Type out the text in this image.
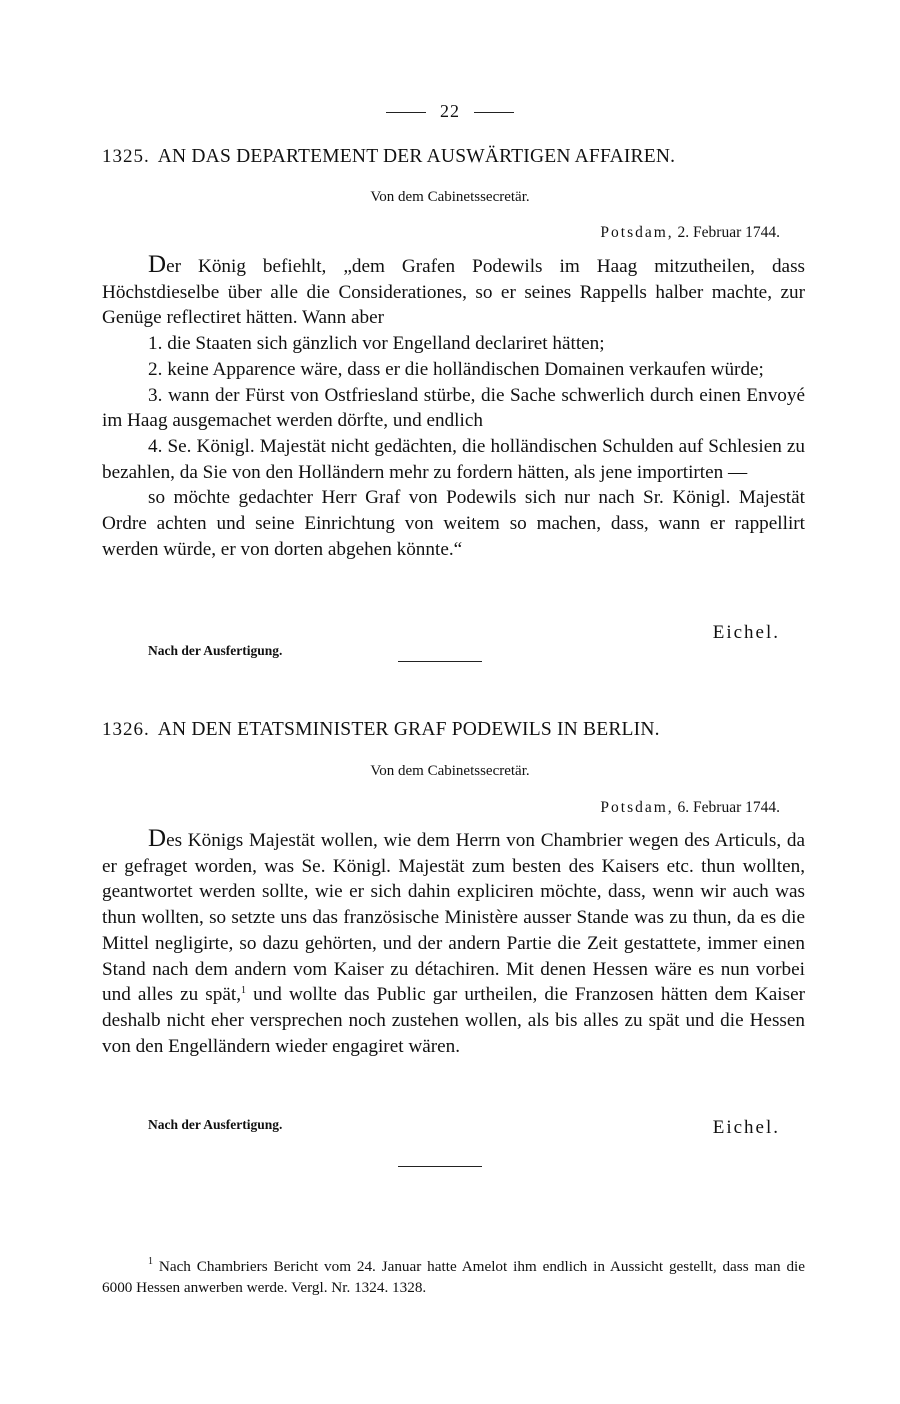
22
1325. AN DAS DEPARTEMENT DER AUSWÄRTIGEN AFFAIREN.
Von dem Cabinetssecretär.
Potsdam, 2. Februar 1744.

Der König befiehlt, „dem Grafen Podewils im Haag mitzutheilen, dass Höchstdieselbe über alle die Considerationes, so er seines Rappells halber machte, zur Genüge reflectiret hätten. Wann aber

1. die Staaten sich gänzlich vor Engelland declariret hätten;

2. keine Apparence wäre, dass er die holländischen Domainen verkaufen würde;

3. wann der Fürst von Ostfriesland stürbe, die Sache schwerlich durch einen Envoyé im Haag ausgemachet werden dörfte, und endlich

4. Se. Königl. Majestät nicht gedächten, die holländischen Schulden auf Schlesien zu bezahlen, da Sie von den Holländern mehr zu fordern hätten, als jene importirten —

so möchte gedachter Herr Graf von Podewils sich nur nach Sr. Königl. Majestät Ordre achten und seine Einrichtung von weitem so machen, dass, wann er rappellirt werden würde, er von dorten abgehen könnte.“

Eichel.
Nach der Ausfertigung.
1326. AN DEN ETATSMINISTER GRAF PODEWILS IN BERLIN.
Von dem Cabinetssecretär.
Potsdam, 6. Februar 1744.

Des Königs Majestät wollen, wie dem Herrn von Chambrier wegen des Articuls, da er gefraget worden, was Se. Königl. Majestät zum besten des Kaisers etc. thun wollten, geantwortet werden sollte, wie er sich dahin expliciren möchte, dass, wenn wir auch was thun wollten, so setzte uns das französische Ministère ausser Stande was zu thun, da es die Mittel negligirte, so dazu gehörten, und der andern Partie die Zeit gestattete, immer einen Stand nach dem andern vom Kaiser zu détachiren. Mit denen Hessen wäre es nun vorbei und alles zu spät,$^1$ und wollte das Public gar urtheilen, die Franzosen hätten dem Kaiser deshalb nicht eher versprechen noch zustehen wollen, als bis alles zu spät und die Hessen von den Engelländern wieder engagiret wären.

Nach der Ausfertigung.	Eichel.
$^1$ Nach Chambriers Bericht vom 24. Januar hatte Amelot ihm endlich in Aussicht gestellt, dass man die 6000 Hessen anwerben werde. Vergl. Nr. 1324. 1328.
